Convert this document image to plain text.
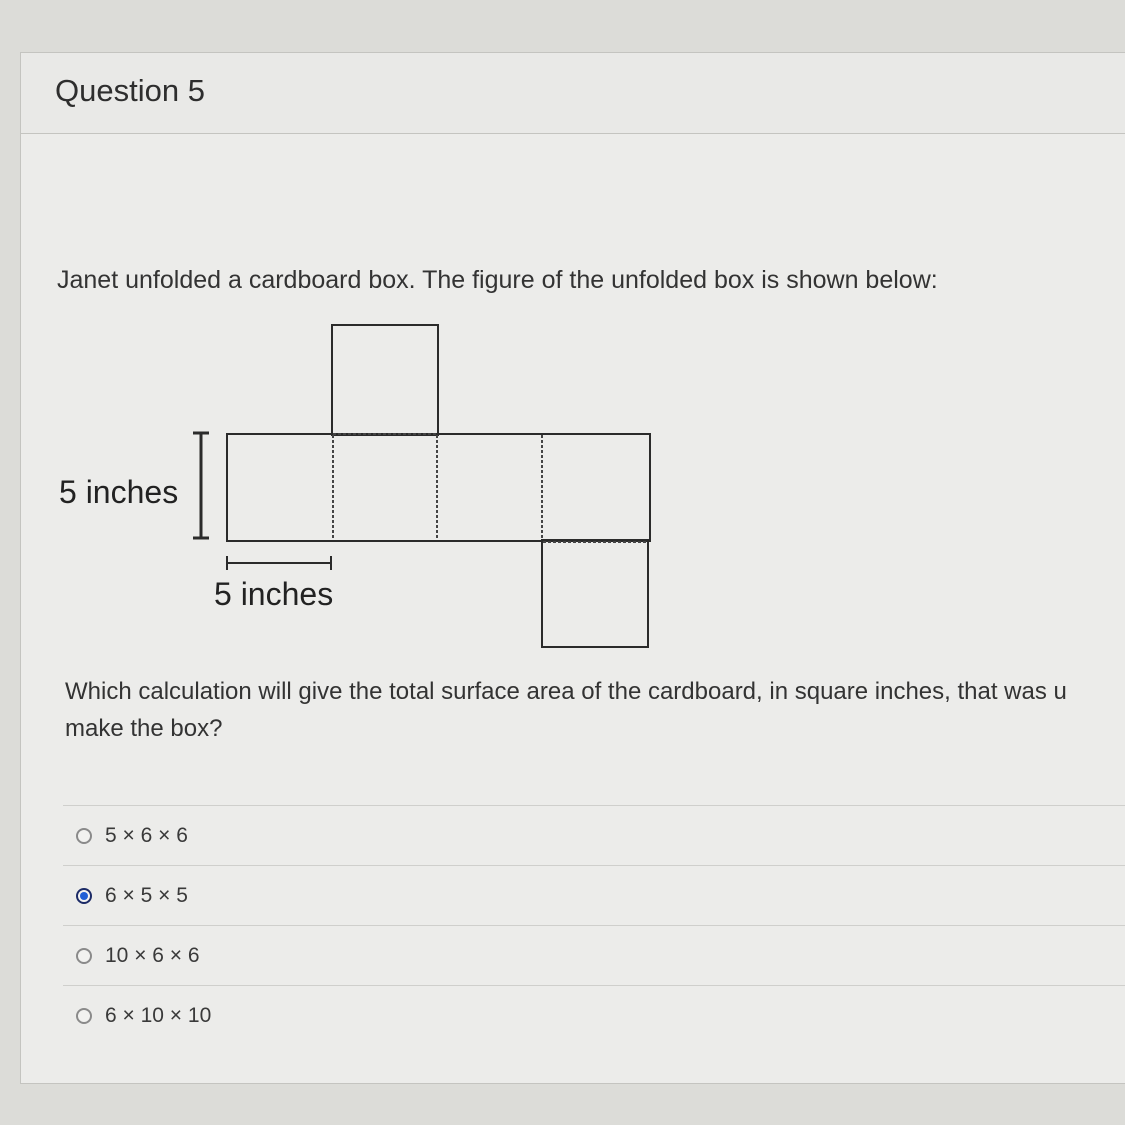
Question 5
Janet unfolded a cardboard box. The figure of the unfolded box is shown below:
5 inches
5 inches
Which calculation will give the total surface area of the cardboard, in square inches, that was u
make the box?
5 × 6 × 6
6 × 5 × 5
10 × 6 × 6
6 × 10 × 10
